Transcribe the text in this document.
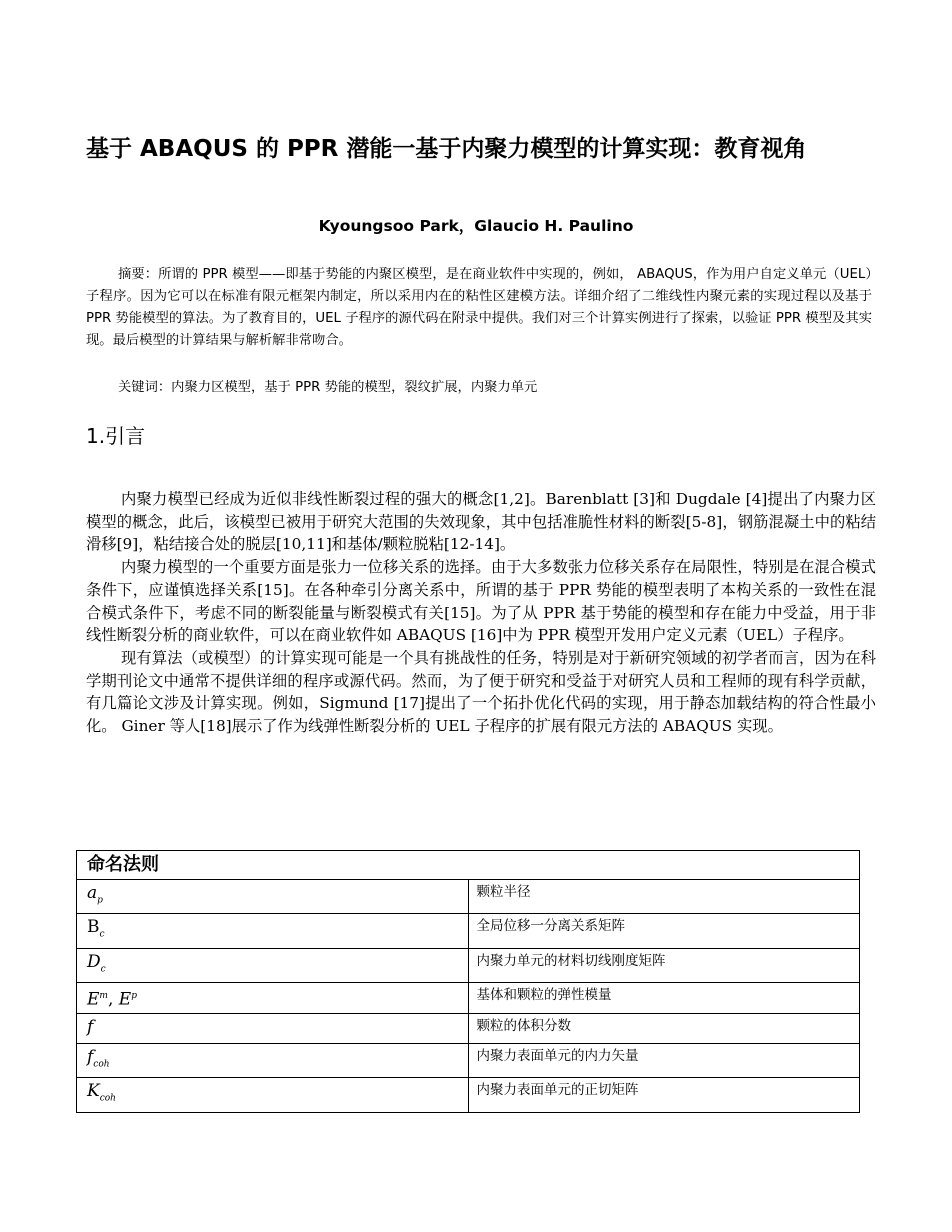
基于 ABAQUS 的 PPR 潜能一基于内聚力模型的计算实现：教育视角

Kyoungsoo Park，Glaucio H. Paulino

摘要：所谓的 PPR 模型——即基于势能的内聚区模型，是在商业软件中实现的，例如， ABAQUS，作为用户自定义单元（UEL）子程序。因为它可以在标准有限元框架内制定，所以采用内在的粘性区建模方法。详细介绍了二维线性内聚元素的实现过程以及基于 PPR 势能模型的算法。为了教育目的，UEL 子程序的源代码在附录中提供。我们对三个计算实例进行了探索，以验证 PPR 模型及其实现。最后模型的计算结果与解析解非常吻合。

关键词：内聚力区模型，基于 PPR 势能的模型，裂纹扩展，内聚力单元

1.引言

内聚力模型已经成为近似非线性断裂过程的强大的概念[1,2]。Barenblatt [3]和 Dugdale [4]提出了内聚力区模型的概念，此后，该模型已被用于研究大范围的失效现象，其中包括准脆性材料的断裂[5-8]，钢筋混凝土中的粘结滑移[9]，粘结接合处的脱层[10,11]和基体/颗粒脱粘[12-14]。

内聚力模型的一个重要方面是张力一位移关系的选择。由于大多数张力位移关系存在局限性，特别是在混合模式条件下，应谨慎选择关系[15]。在各种牵引分离关系中，所谓的基于 PPR 势能的模型表明了本构关系的一致性在混合模式条件下，考虑不同的断裂能量与断裂模式有关[15]。为了从 PPR 基于势能的模型和存在能力中受益，用于非线性断裂分析的商业软件，可以在商业软件如 ABAQUS [16]中为 PPR 模型开发用户定义元素（UEL）子程序。

现有算法（或模型）的计算实现可能是一个具有挑战性的任务，特别是对于新研究领域的初学者而言，因为在科学期刊论文中通常不提供详细的程序或源代码。然而，为了便于研究和受益于对研究人员和工程师的现有科学贡献，有几篇论文涉及计算实现。例如，Sigmund [17]提出了一个拓扑优化代码的实现，用于静态加载结构的符合性最小化。 Giner 等人[18]展示了作为线弹性断裂分析的 UEL 子程序的扩展有限元方法的 ABAQUS 实现。

命名法则	
$a_p$	颗粒半径
$B_c$	全局位移一分离关系矩阵
$D_c$	内聚力单元的材料切线刚度矩阵
$E^m$, $E^p$	基体和颗粒的弹性模量
f	颗粒的体积分数
$f_{coh}$	内聚力表面单元的内力矢量
$K_{coh}$	内聚力表面单元的正切矩阵
